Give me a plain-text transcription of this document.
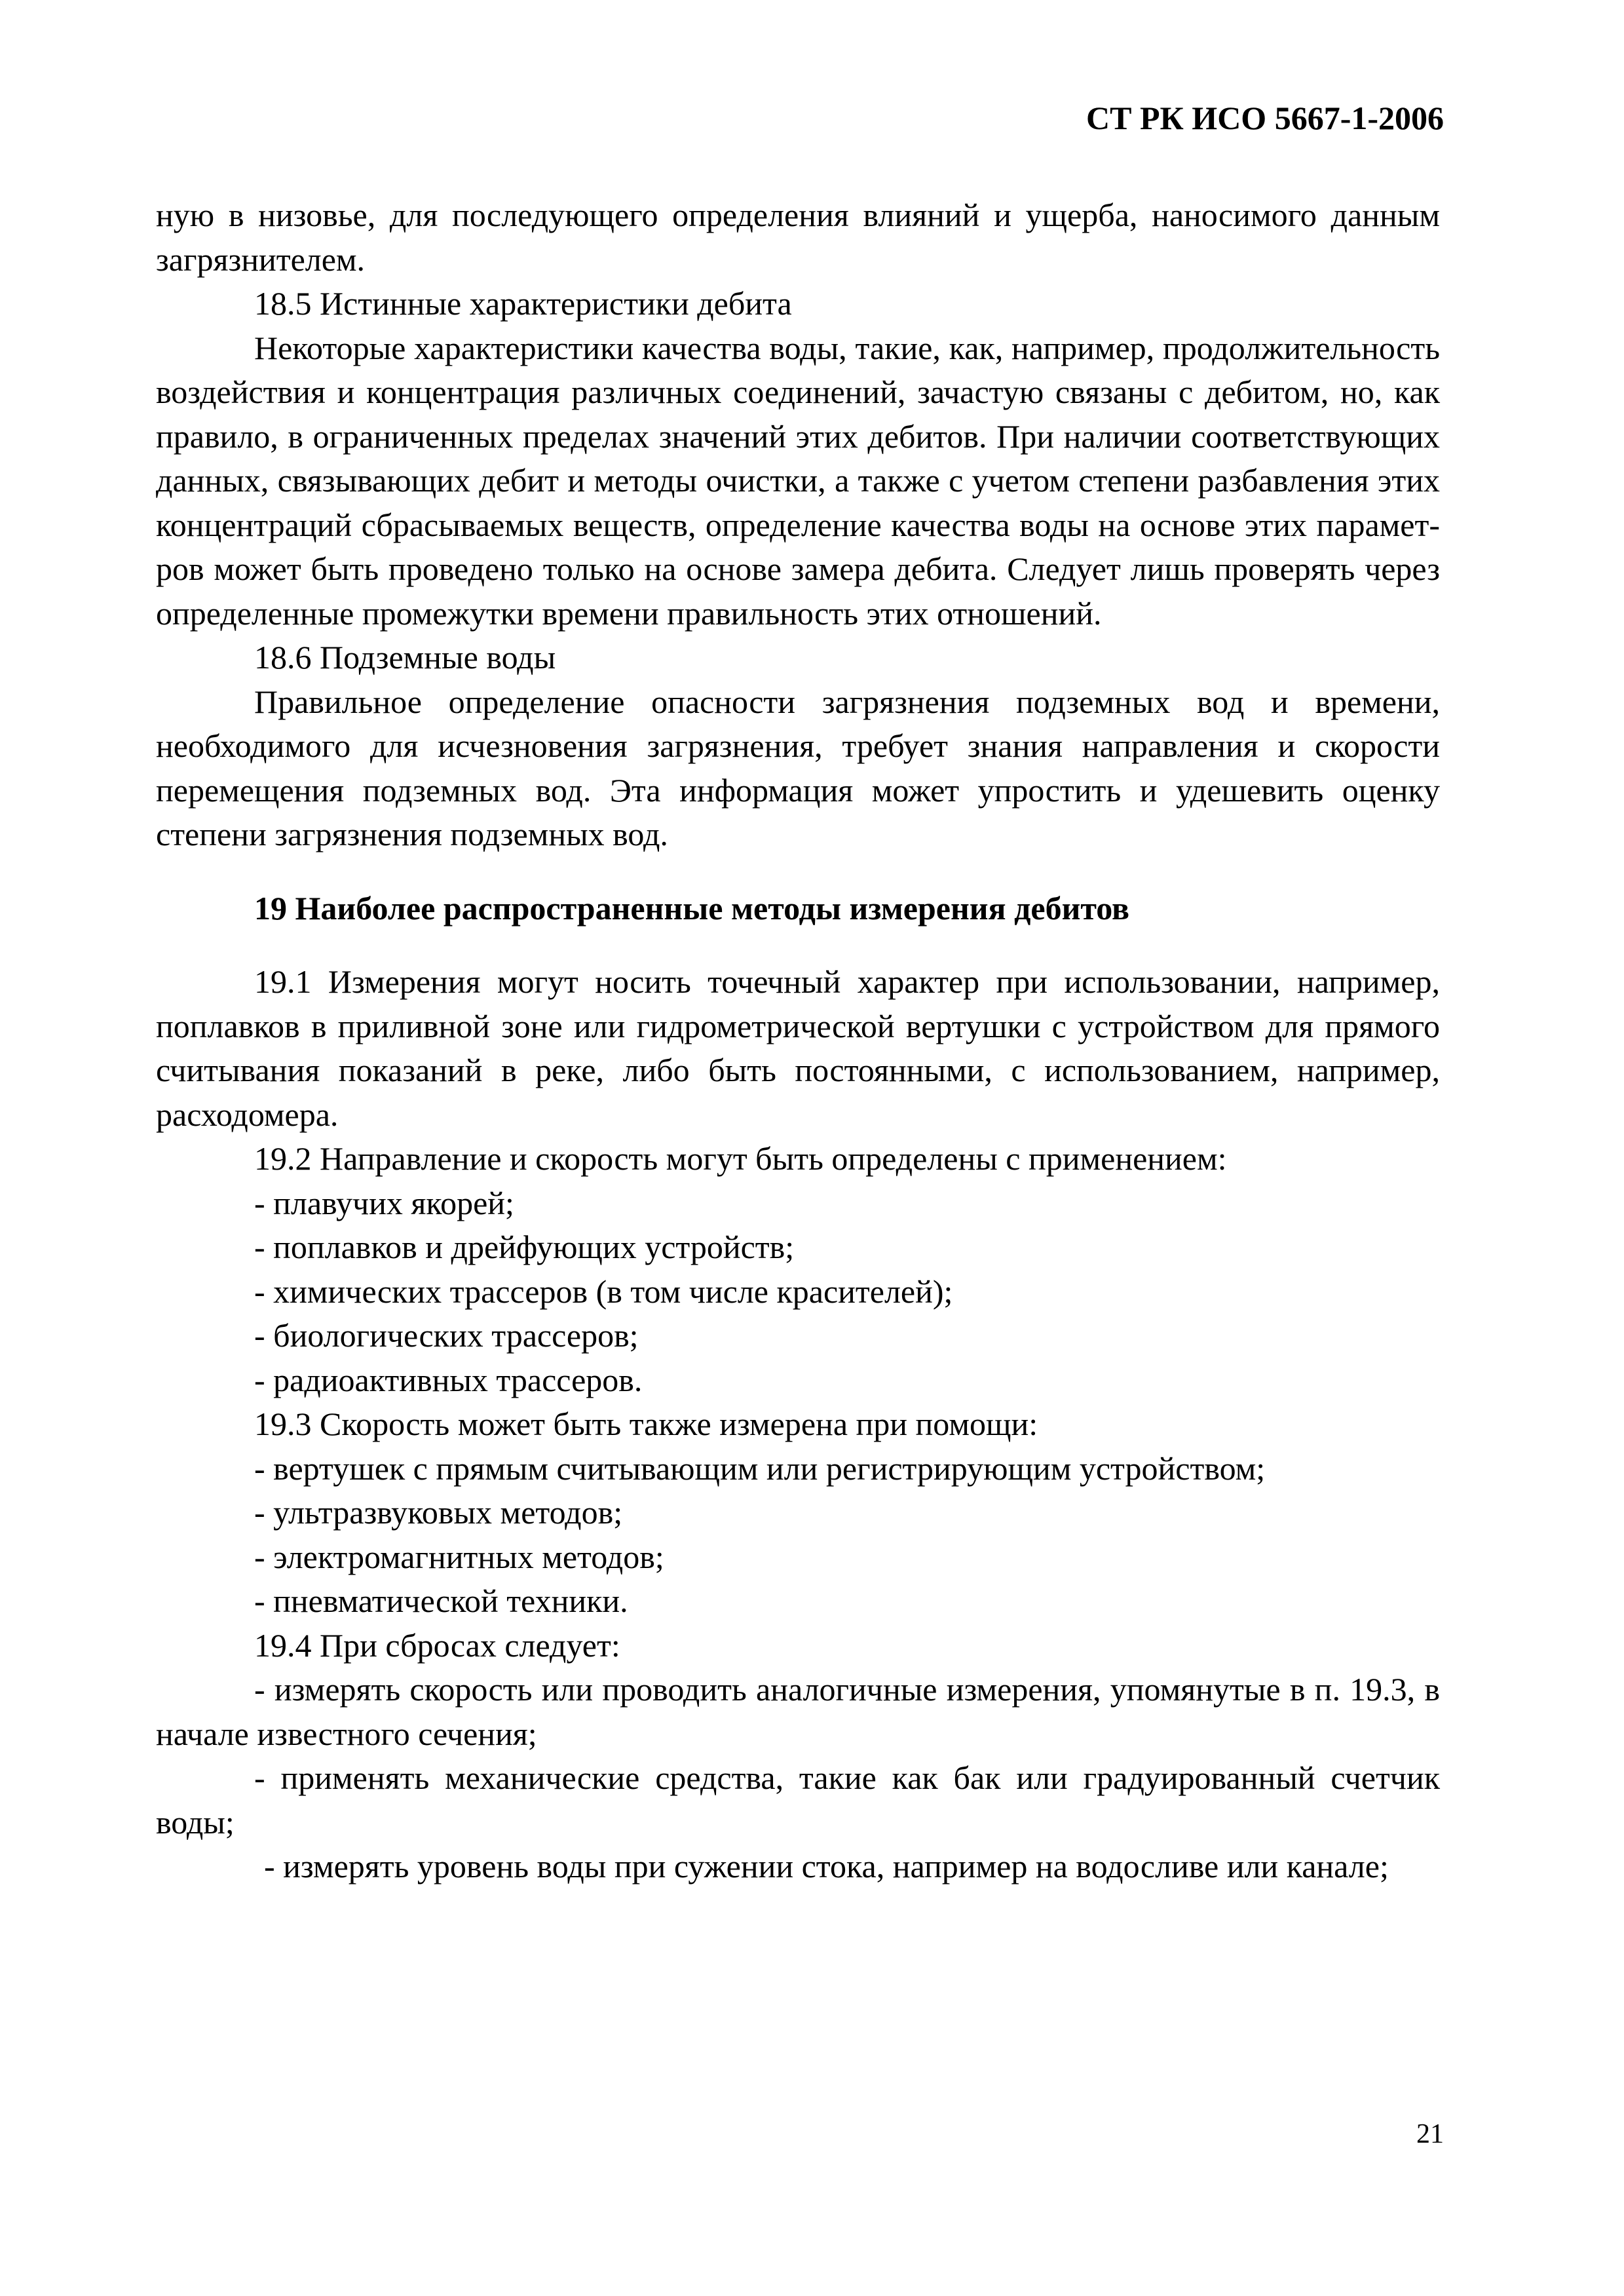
СТ РК ИСО 5667-1-2006

ную в низовье, для последующего определения влияний и ущерба, наносимого данным загрязнителем.

18.5 Истинные характеристики дебита

Некоторые характеристики качества воды, такие, как, например, продолжительность воздействия и концентрация различных соединений, зачастую связаны с дебитом, но, как правило, в ограниченных пределах значений этих дебитов. При наличии соответствующих данных, связывающих дебит и методы очистки, а также с учетом степени разбавления этих концентраций сбрасываемых веществ, определение качества воды на основе этих параметров может быть проведено только на основе замера дебита. Следует лишь проверять через определенные промежутки времени правильность этих отношений.

18.6 Подземные воды

Правильное определение опасности загрязнения подземных вод и времени, необходимого для исчезновения загрязнения, требует знания направления и скорости перемещения подземных вод. Эта информация может упростить и удешевить оценку степени загрязнения подземных вод.

19 Наиболее распространенные методы измерения дебитов

19.1 Измерения могут носить точечный характер при использовании, например, поплавков в приливной зоне или гидрометрической вертушки с устройством для прямого считывания показаний в реке, либо быть постоянными, с использованием, например, расходомера.

19.2 Направление и скорость могут быть определены с применением:

- плавучих якорей;

- поплавков и дрейфующих устройств;

- химических трассеров (в том числе красителей);

- биологических трассеров;

- радиоактивных трассеров.

19.3 Скорость может быть также измерена при помощи:

- вертушек с прямым считывающим или регистрирующим устройством;

- ультразвуковых методов;

- электромагнитных методов;

- пневматической техники.

19.4 При сбросах следует:

- измерять скорость или проводить аналогичные измерения, упомянутые в п. 19.3, в начале известного сечения;

- применять механические средства, такие как бак или градуированный счетчик воды;

- измерять уровень воды при сужении стока, например на водосливе или канале;

21
